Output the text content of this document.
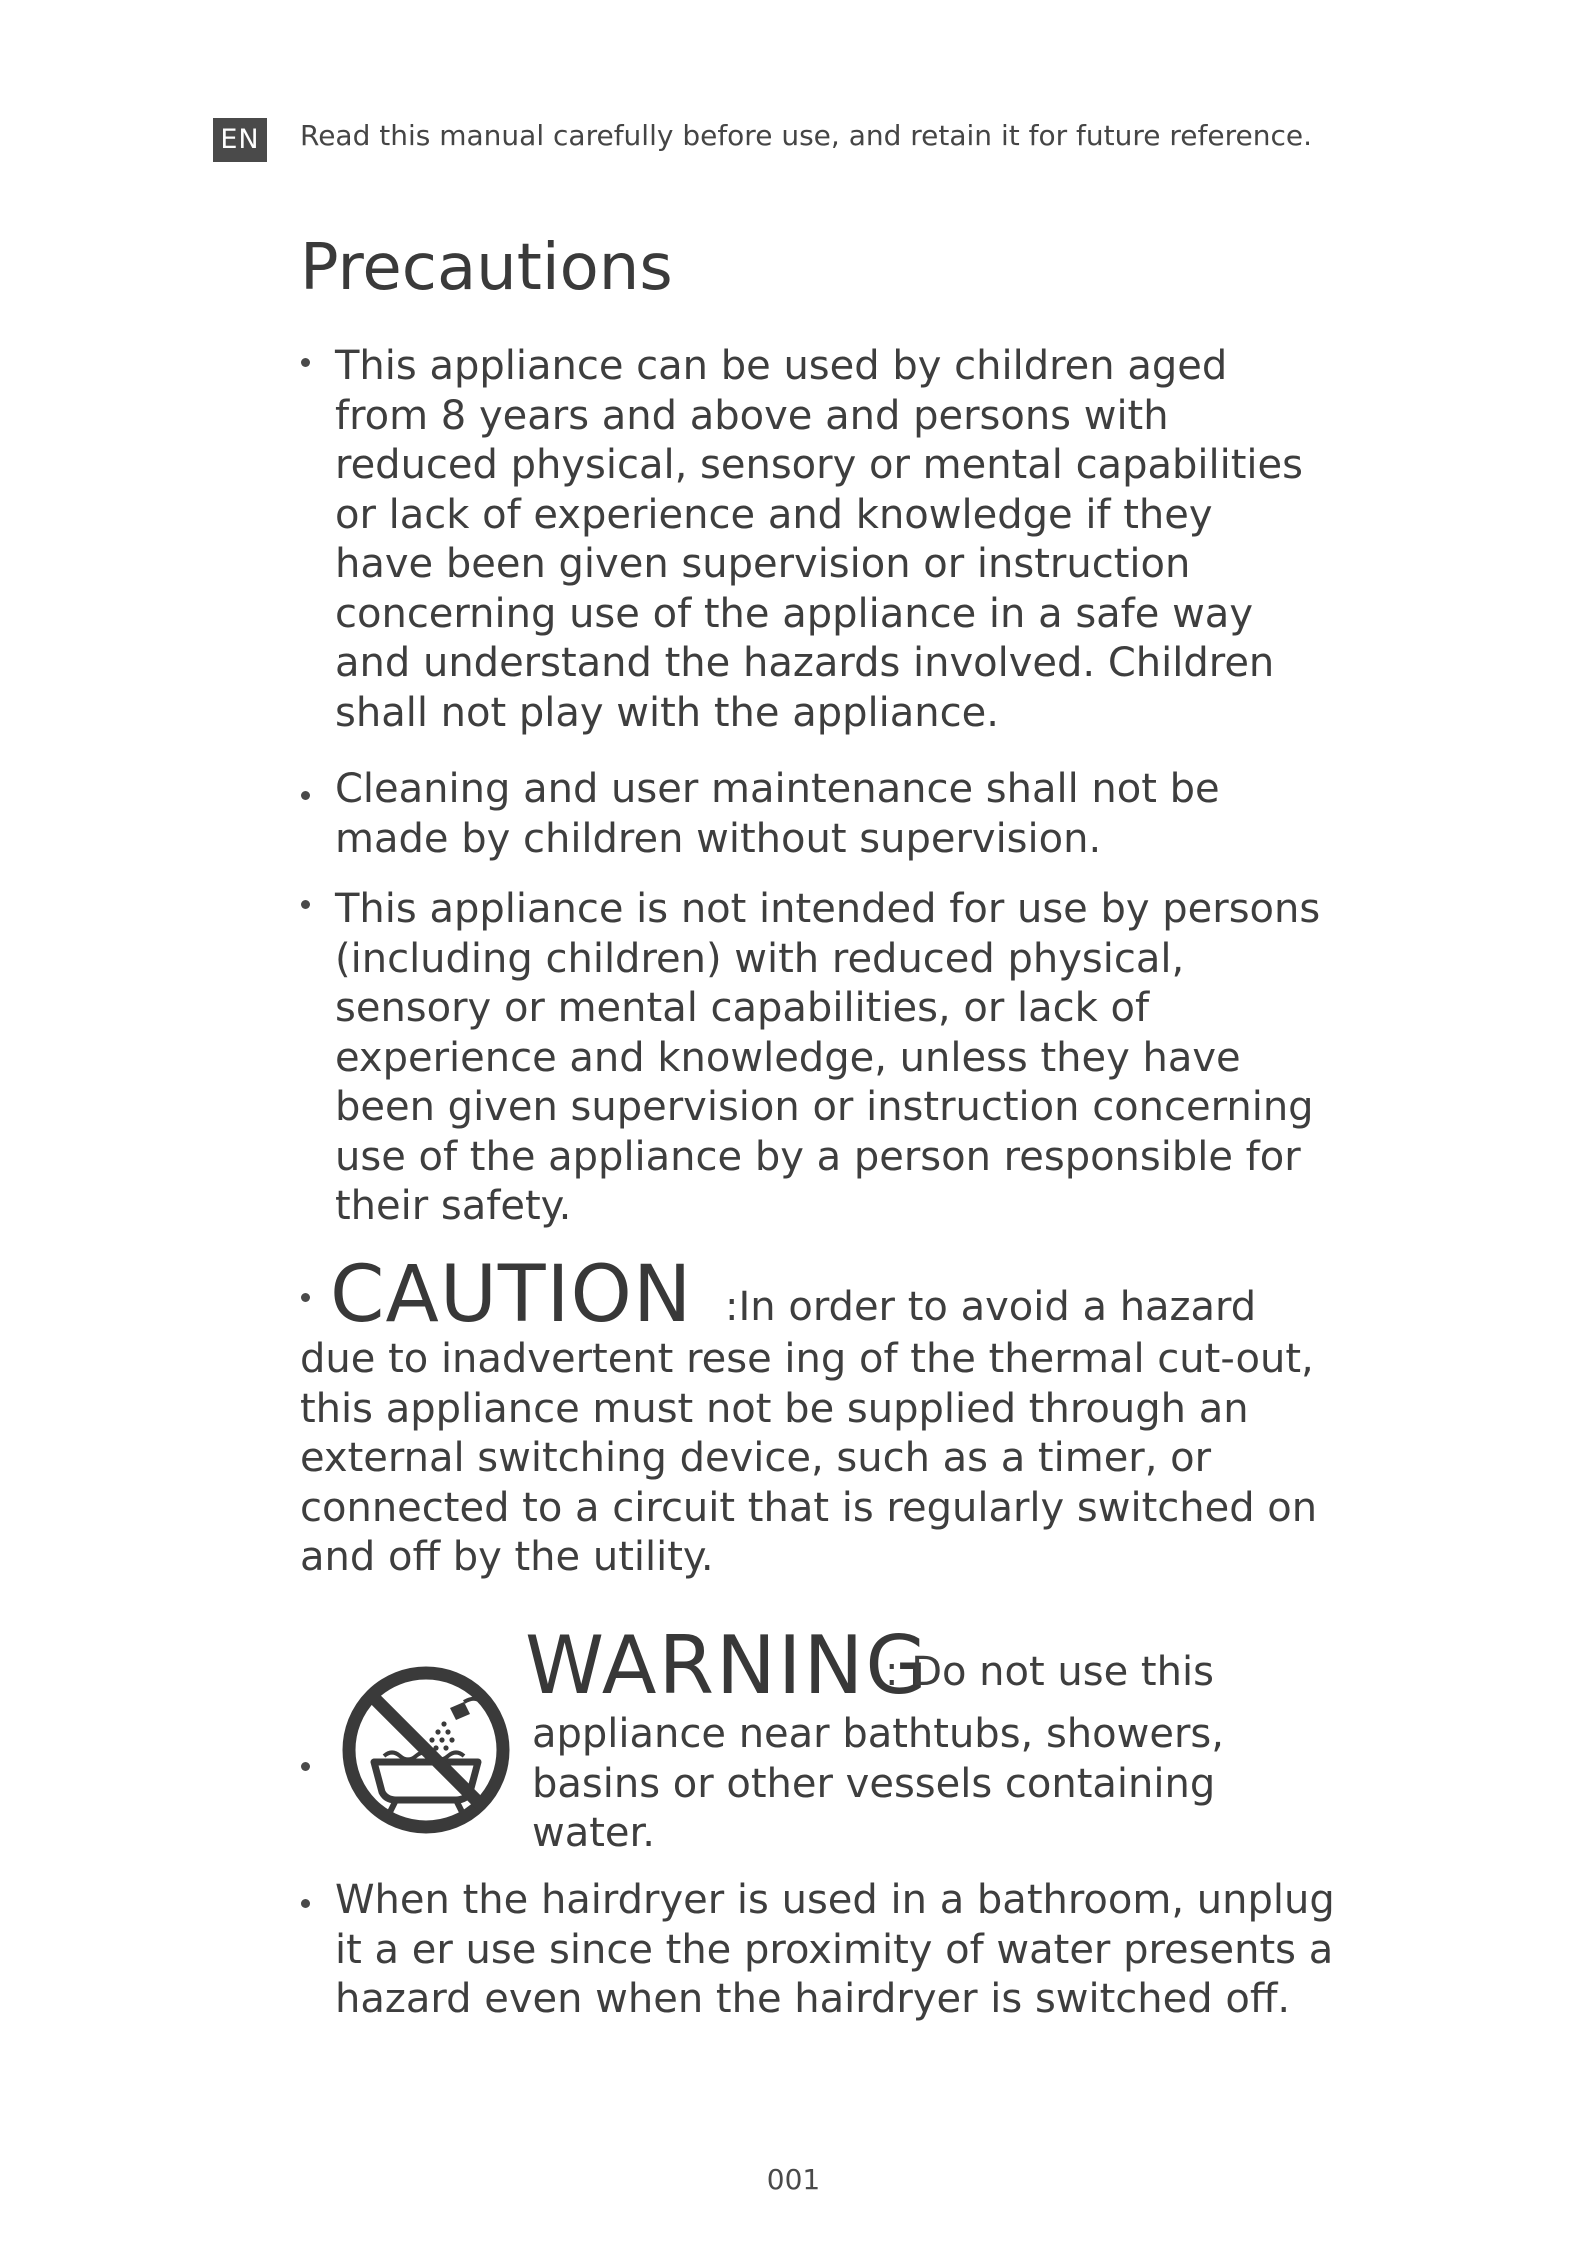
EN Read this manual carefully before use, and retain it for future reference.
Precautions
This appliance can be used by children aged
from 8 years and above and persons with
reduced physical, sensory or mental capabilities
or lack of experience and knowledge if they
have been given supervision or instruction
concerning use of the appliance in a safe way
and understand the hazards involved. Children
shall not play with the appliance.
Cleaning and user maintenance shall not be
made by children without supervision.
This appliance is not intended for use by persons
(including children) with reduced physical,
sensory or mental capabilities, or lack of
experience and knowledge, unless they have
been given supervision or instruction concerning
use of the appliance by a person responsible for
their safety.
CAUTION :In order to avoid a hazard
due to inadvertent rese ing of the thermal cut-out,
this appliance must not be supplied through an
external switching device, such as a timer, or
connected to a circuit that is regularly switched on
and off by the utility.
WARNING
: Do not use this
appliance near bathtubs, showers,
basins or other vessels containing
water.
When the hairdryer is used in a bathroom, unplug
it a er use since the proximity of water presents a
hazard even when the hairdryer is switched off.
001
